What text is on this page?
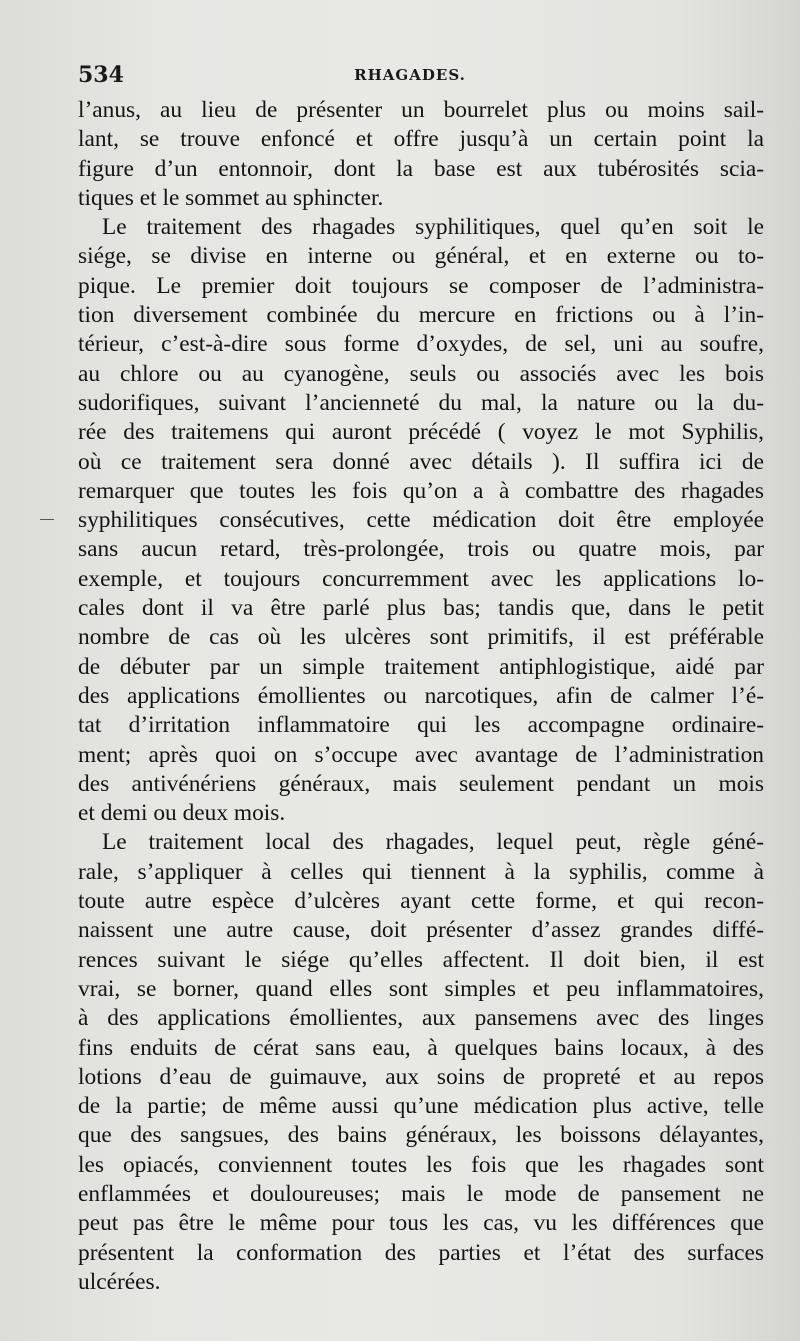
534	RHAGADES.
l’anus, au lieu de présenter un bourrelet plus ou moins sail-
lant, se trouve enfoncé et offre jusqu’à un certain point la
figure d’un entonnoir, dont la base est aux tubérosités scia-
tiques et le sommet au sphincter.
Le traitement des rhagades syphilitiques, quel qu’en soit le
siége, se divise en interne ou général, et en externe ou to-
pique. Le premier doit toujours se composer de l’administra-
tion diversement combinée du mercure en frictions ou à l’in-
térieur, c’est-à-dire sous forme d’oxydes, de sel, uni au soufre,
au chlore ou au cyanogène, seuls ou associés avec les bois
sudorifiques, suivant l’ancienneté du mal, la nature ou la du-
rée des traitemens qui auront précédé ( voyez le mot Syphilis,
où ce traitement sera donné avec détails ). Il suffira ici de
remarquer que toutes les fois qu’on a à combattre des rhagades
syphilitiques consécutives, cette médication doit être employée
sans aucun retard, très-prolongée, trois ou quatre mois, par
exemple, et toujours concurremment avec les applications lo-
cales dont il va être parlé plus bas; tandis que, dans le petit
nombre de cas où les ulcères sont primitifs, il est préférable
de débuter par un simple traitement antiphlogistique, aidé par
des applications émollientes ou narcotiques, afin de calmer l’é-
tat d’irritation inflammatoire qui les accompagne ordinaire-
ment; après quoi on s’occupe avec avantage de l’administration
des antivénériens généraux, mais seulement pendant un mois
et demi ou deux mois.
Le traitement local des rhagades, lequel peut, règle géné-
rale, s’appliquer à celles qui tiennent à la syphilis, comme à
toute autre espèce d’ulcères ayant cette forme, et qui recon-
naissent une autre cause, doit présenter d’assez grandes diffé-
rences suivant le siége qu’elles affectent. Il doit bien, il est
vrai, se borner, quand elles sont simples et peu inflammatoires,
à des applications émollientes, aux pansemens avec des linges
fins enduits de cérat sans eau, à quelques bains locaux, à des
lotions d’eau de guimauve, aux soins de propreté et au repos
de la partie; de même aussi qu’une médication plus active, telle
que des sangsues, des bains généraux, les boissons délayantes,
les opiacés, conviennent toutes les fois que les rhagades sont
enflammées et douloureuses; mais le mode de pansement ne
peut pas être le même pour tous les cas, vu les différences que
présentent la conformation des parties et l’état des surfaces
ulcérées.
